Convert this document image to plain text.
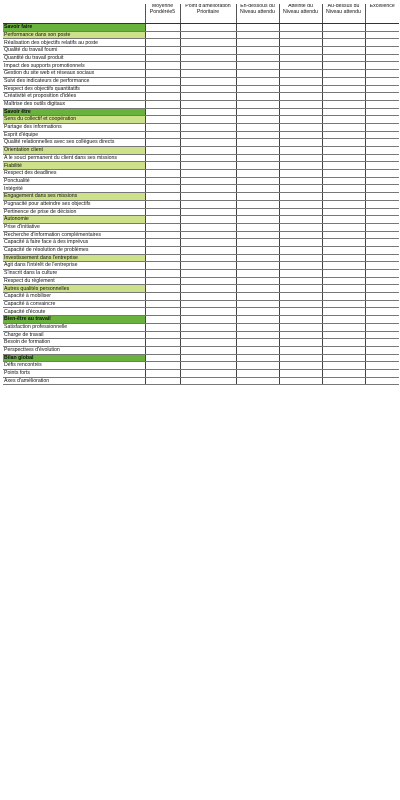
	Moyenne Pondérée5	Point d'amélioration Prioritaire	En-dessous du Niveau attendu	Atteinte du Niveau attendu	Au-dessus du Niveau attendu	Excellence
Savoir faire						
Performance dans son poste						
Réalisation des objectifs relatifs au poste						
Qualité du travail fourni						
Quantité du travail produit						
Impact des supports promotionnels						
Gestion du site web et réseaux sociaux						
Suivi des indicateurs de performance						
Respect des objectifs quantitatifs						
Créativité et proposition d'idées						
Maîtrise des outils digitaux						
Savoir être						
Sens du collectif et coopération						
Partage des informations						
Esprit d'équipe						
Qualité relationnelles avec ses collègues directs						
Orientation client						
A le souci permanent du client dans ses missions						
Fiabilité						
Respect des deadlines						
Ponctualité						
Intégrité						
Engagement dans ses missions						
Pugnacité pour atteindre ses objectifs						
Pertinence de prise de décision						
Autonomie						
Prise d'initiative						
Recherche d'information complémentaires						
Capacité à faire face à des imprévus						
Capacité de résolution de problèmes						
Investissement dans l'entreprise						
Agit dans l'intérêt de l'entreprise						
S'inscrit dans la culture						
Respect du règlement						
Autres qualités personnelles						
Capacité à mobiliser						
Capacité à convaincre						
Capacité d'écoute						
Bien-être au travail						
Satisfaction professionnelle						
Charge de travail						
Besoin de formation						
Perspectives d'évolution						
Bilan global						
Défis rencontrés						
Points forts						
Axes d'amélioration						
